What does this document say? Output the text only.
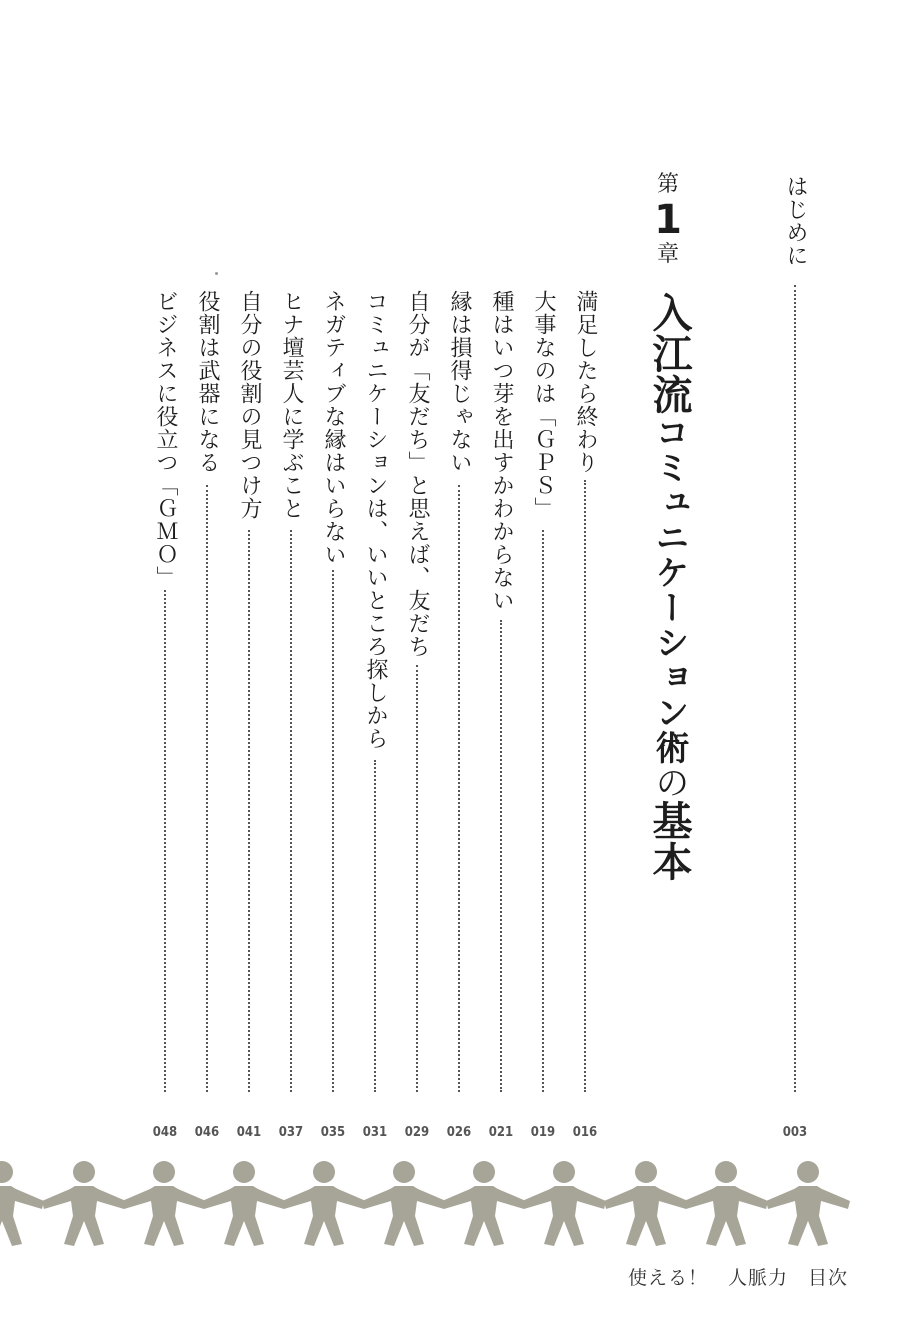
はじめに
003
第
1
章
入江流コミュニケーション術の基本
満足したら終わり
016
大事なのは「ＧＰＳ」
019
種はいつ芽を出すかわからない
021
縁は損得じゃない
026
自分が「友だち」と思えば、友だち
029
コミュニケーションは、いいところ探しから
031
ネガティブな縁はいらない
035
ヒナ壇芸人に学ぶこと
037
自分の役割の見つけ方
041
役割は武器になる
046
ビジネスに役立つ「ＧＭＯ」
048
使える！　人脈力　目次
